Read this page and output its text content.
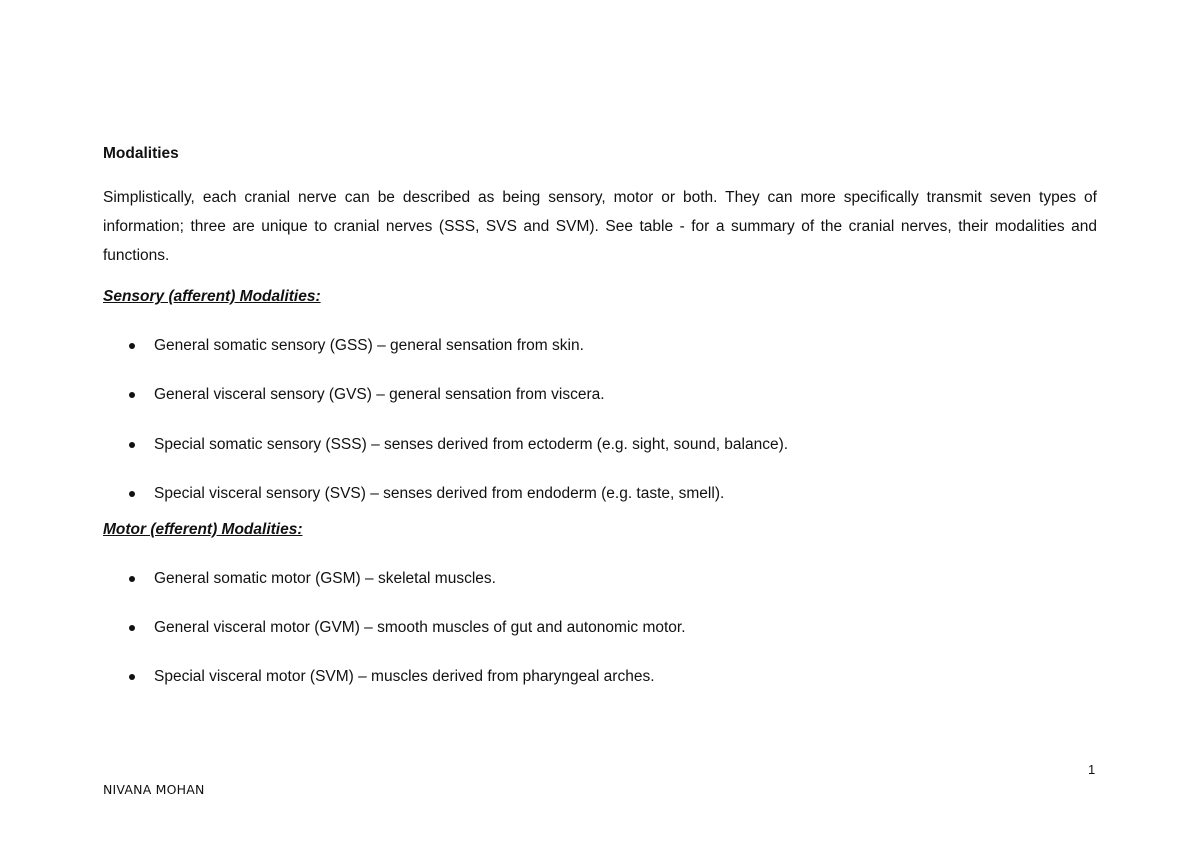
Modalities

Simplistically, each cranial nerve can be described as being sensory, motor or both. They can more specifically transmit seven types of information; three are unique to cranial nerves (SSS, SVS and SVM). See table - for a summary of the cranial nerves, their modalities and functions.

Sensory (afferent) Modalities:

General somatic sensory (GSS) – general sensation from skin.
General visceral sensory (GVS) – general sensation from viscera.
Special somatic sensory (SSS) – senses derived from ectoderm (e.g. sight, sound, balance).
Special visceral sensory (SVS) – senses derived from endoderm (e.g. taste, smell).

Motor (efferent) Modalities:

General somatic motor (GSM) – skeletal muscles.
General visceral motor (GVM) – smooth muscles of gut and autonomic motor.
Special visceral motor (SVM) – muscles derived from pharyngeal arches.
1
NIVANA MOHAN
